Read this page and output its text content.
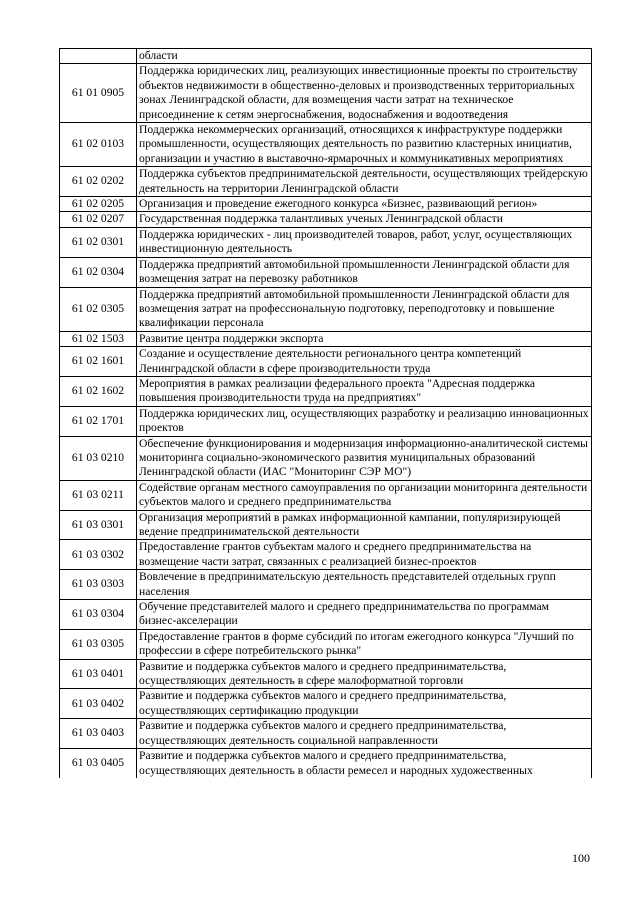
	области
61 01 0905	Поддержка юридических лиц, реализующих инвестиционные проекты по строительству объектов недвижимости в общественно-деловых и производственных территориальных зонах Ленинградской области, для возмещения части затрат на техническое присоединение к сетям энергоснабжения, водоснабжения и водоотведения
61 02 0103	Поддержка некоммерческих организаций, относящихся к инфраструктуре поддержки промышленности, осуществляющих деятельность по развитию кластерных инициатив, организации и участию в выставочно-ярмарочных и коммуникативных мероприятиях
61 02 0202	Поддержка субъектов предпринимательской деятельности, осуществляющих трейдерскую деятельность на территории Ленинградской области
61 02 0205	Организация и проведение ежегодного конкурса «Бизнес, развивающий регион»
61 02 0207	Государственная поддержка талантливых ученых Ленинградской области
61 02 0301	Поддержка юридических - лиц производителей товаров, работ, услуг, осуществляющих инвестиционную деятельность
61 02 0304	Поддержка предприятий автомобильной промышленности Ленинградской области для возмещения затрат на перевозку работников
61 02 0305	Поддержка предприятий автомобильной промышленности Ленинградской области для возмещения затрат на профессиональную подготовку, переподготовку и повышение квалификации персонала
61 02 1503	Развитие центра поддержки экспорта
61 02 1601	Создание и осуществление деятельности регионального центра компетенций Ленинградской области в сфере производительности труда
61 02 1602	Мероприятия в рамках реализации федерального проекта "Адресная поддержка повышения производительности труда на предприятиях"
61 02 1701	Поддержка юридических лиц, осуществляющих разработку и реализацию инновационных проектов
61 03 0210	Обеспечение функционирования и модернизация информационно-аналитической системы мониторинга социально-экономического развития муниципальных образований Ленинградской области (ИАС "Мониторинг СЭР МО")
61 03 0211	Содействие органам местного самоуправления по организации мониторинга деятельности субъектов малого и среднего предпринимательства
61 03 0301	Организация мероприятий в рамках информационной кампании, популяризирующей ведение предпринимательской деятельности
61 03 0302	Предоставление грантов субъектам малого и среднего предпринимательства на возмещение части затрат, связанных с реализацией бизнес-проектов
61 03 0303	Вовлечение в предпринимательскую деятельность представителей отдельных групп населения
61 03 0304	Обучение представителей малого и среднего предпринимательства по программам бизнес-акселерации
61 03 0305	Предоставление грантов в форме субсидий по итогам ежегодного конкурса "Лучший по профессии в сфере потребительского рынка"
61 03 0401	Развитие и поддержка субъектов малого и среднего предпринимательства, осуществляющих деятельность в сфере малоформатной торговли
61 03 0402	Развитие и поддержка субъектов малого и среднего предпринимательства, осуществляющих сертификацию продукции
61 03 0403	Развитие и поддержка субъектов малого и среднего предпринимательства, осуществляющих деятельность социальной направленности
61 03 0405	Развитие и поддержка субъектов малого и среднего предпринимательства, осуществляющих деятельность в области ремесел и народных художественных
100
